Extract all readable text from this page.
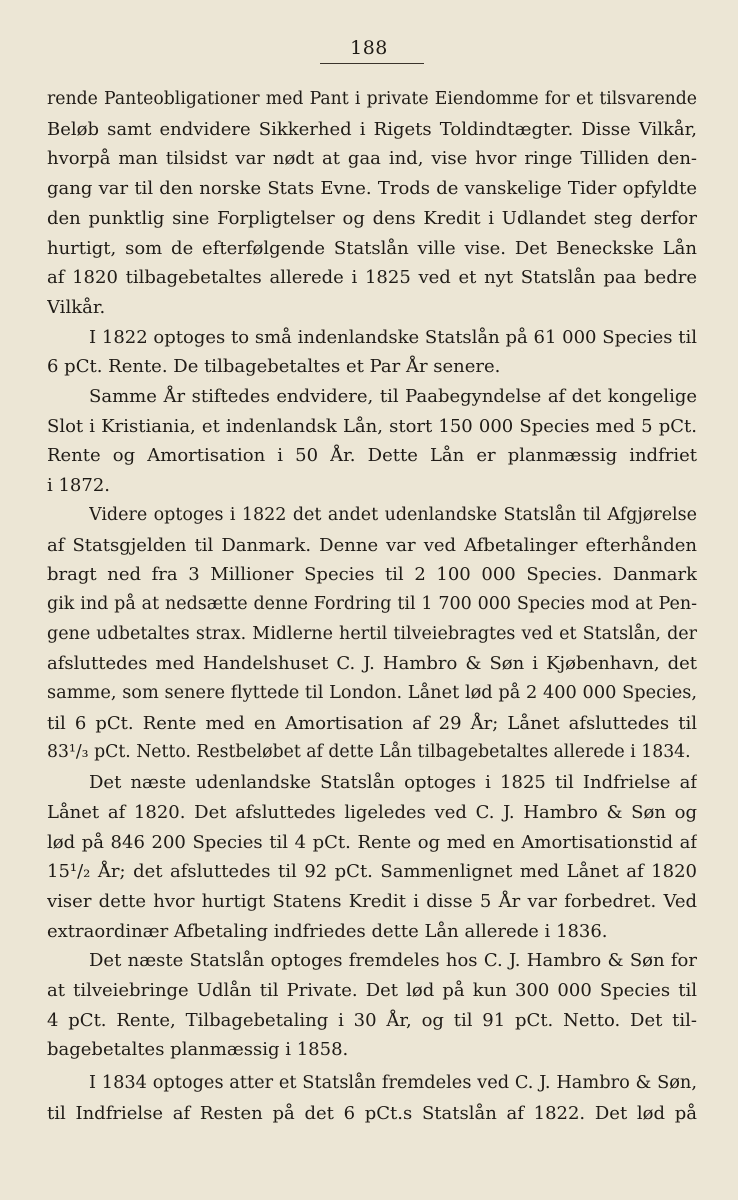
188
rende Panteobligationer med Pant i private Eiendomme for et tilsvarende
Beløb samt endvidere Sikkerhed i Rigets Toldindtægter. Disse Vilkår,
hvorpå man tilsidst var nødt at gaa ind, vise hvor ringe Tilliden den-
gang var til den norske Stats Evne. Trods de vanskelige Tider opfyldte
den punktlig sine Forpligtelser og dens Kredit i Udlandet steg derfor
hurtigt, som de efterfølgende Statslån ville vise. Det Beneckske Lån
af 1820 tilbagebetaltes allerede i 1825 ved et nyt Statslån paa bedre
Vilkår.
I 1822 optoges to små indenlandske Statslån på 61 000 Species til
6 pCt. Rente. De tilbagebetaltes et Par År senere.
Samme År stiftedes endvidere, til Paabegyndelse af det kongelige
Slot i Kristiania, et indenlandsk Lån, stort 150 000 Species med 5 pCt.
Rente og Amortisation i 50 År. Dette Lån er planmæssig indfriet
i 1872.
Videre optoges i 1822 det andet udenlandske Statslån til Afgjørelse
af Statsgjelden til Danmark. Denne var ved Afbetalinger efterhånden
bragt ned fra 3 Millioner Species til 2 100 000 Species. Danmark
gik ind på at nedsætte denne Fordring til 1 700 000 Species mod at Pen-
gene udbetaltes strax. Midlerne hertil tilveiebragtes ved et Statslån, der
afsluttedes med Handelshuset C. J. Hambro & Søn i Kjøbenhavn, det
samme, som senere flyttede til London. Lånet lød på 2 400 000 Species,
til 6 pCt. Rente med en Amortisation af 29 År; Lånet afsluttedes til
83¹/₃ pCt. Netto. Restbeløbet af dette Lån tilbagebetaltes allerede i 1834.
Det næste udenlandske Statslån optoges i 1825 til Indfrielse af
Lånet af 1820. Det afsluttedes ligeledes ved C. J. Hambro & Søn og
lød på 846 200 Species til 4 pCt. Rente og med en Amortisationstid af
15¹/₂ År; det afsluttedes til 92 pCt. Sammenlignet med Lånet af 1820
viser dette hvor hurtigt Statens Kredit i disse 5 År var forbedret. Ved
extraordinær Afbetaling indfriedes dette Lån allerede i 1836.
Det næste Statslån optoges fremdeles hos C. J. Hambro & Søn for
at tilveiebringe Udlån til Private. Det lød på kun 300 000 Species til
4 pCt. Rente, Tilbagebetaling i 30 År, og til 91 pCt. Netto. Det til-
bagebetaltes planmæssig i 1858.
I 1834 optoges atter et Statslån fremdeles ved C. J. Hambro & Søn,
til Indfrielse af Resten på det 6 pCt.s Statslån af 1822. Det lød på
